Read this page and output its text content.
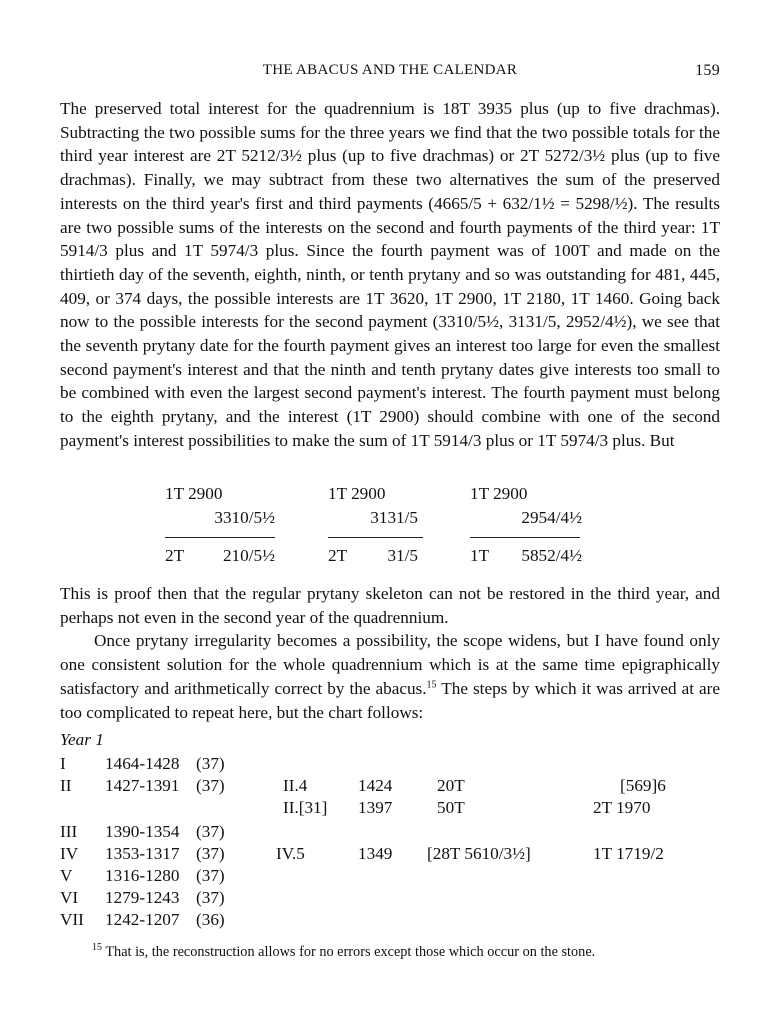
THE ABACUS AND THE CALENDAR	159

The preserved total interest for the quadrennium is 18T 3935 plus (up to five drachmas). Subtracting the two possible sums for the three years we find that the two possible totals for the third year interest are 2T 5212/3½ plus (up to five drachmas) or 2T 5272/3½ plus (up to five drachmas). Finally, we may subtract from these two alternatives the sum of the preserved interests on the third year's first and third payments (4665/5 + 632/1½ = 5298/½). The results are two possible sums of the interests on the second and fourth payments of the third year: 1T 5914/3 plus and 1T 5974/3 plus. Since the fourth payment was of 100T and made on the thirtieth day of the seventh, eighth, ninth, or tenth prytany and so was outstanding for 481, 445, 409, or 374 days, the possible interests are 1T 3620, 1T 2900, 1T 2180, 1T 1460. Going back now to the possible interests for the second payment (3310/5½, 3131/5, 2952/4½), we see that the seventh prytany date for the fourth payment gives an interest too large for even the smallest second payment's interest and that the ninth and tenth prytany dates give interests too small to be combined with even the largest second payment's interest. The fourth payment must belong to the eighth prytany, and the interest (1T 2900) should combine with one of the second payment's interest possibilities to make the sum of 1T 5914/3 plus or 1T 5974/3 plus. But

1T 2900
3310/5½
2T	210/5½
1T 2900
3131/5
2T	31/5
1T 2900
2954/4½
1T	5852/4½

This is proof then that the regular prytany skeleton can not be restored in the third year, and perhaps not even in the second year of the quadrennium.

Once prytany irregularity becomes a possibility, the scope widens, but I have found only one consistent solution for the whole quadrennium which is at the same time epigraphically satisfactory and arithmetically correct by the abacus.$^{15}$ The steps by which it was arrived at are too complicated to repeat here, but the chart follows:

Year 1
I 1464-1428 (37)
II 1427-1391 (37)	II.4	1424	20T	[569]6
II.[31] 1397	50T	2T 1970
III 1390-1354 (37)
IV 1353-1317 (37)	IV.5	1349 [28T 5610/3½]	1T 1719/2
V 1316-1280 (37)
VI 1279-1243 (37)
VII 1242-1207 (36)
$^{15}$ That is, the reconstruction allows for no errors except those which occur on the stone.
